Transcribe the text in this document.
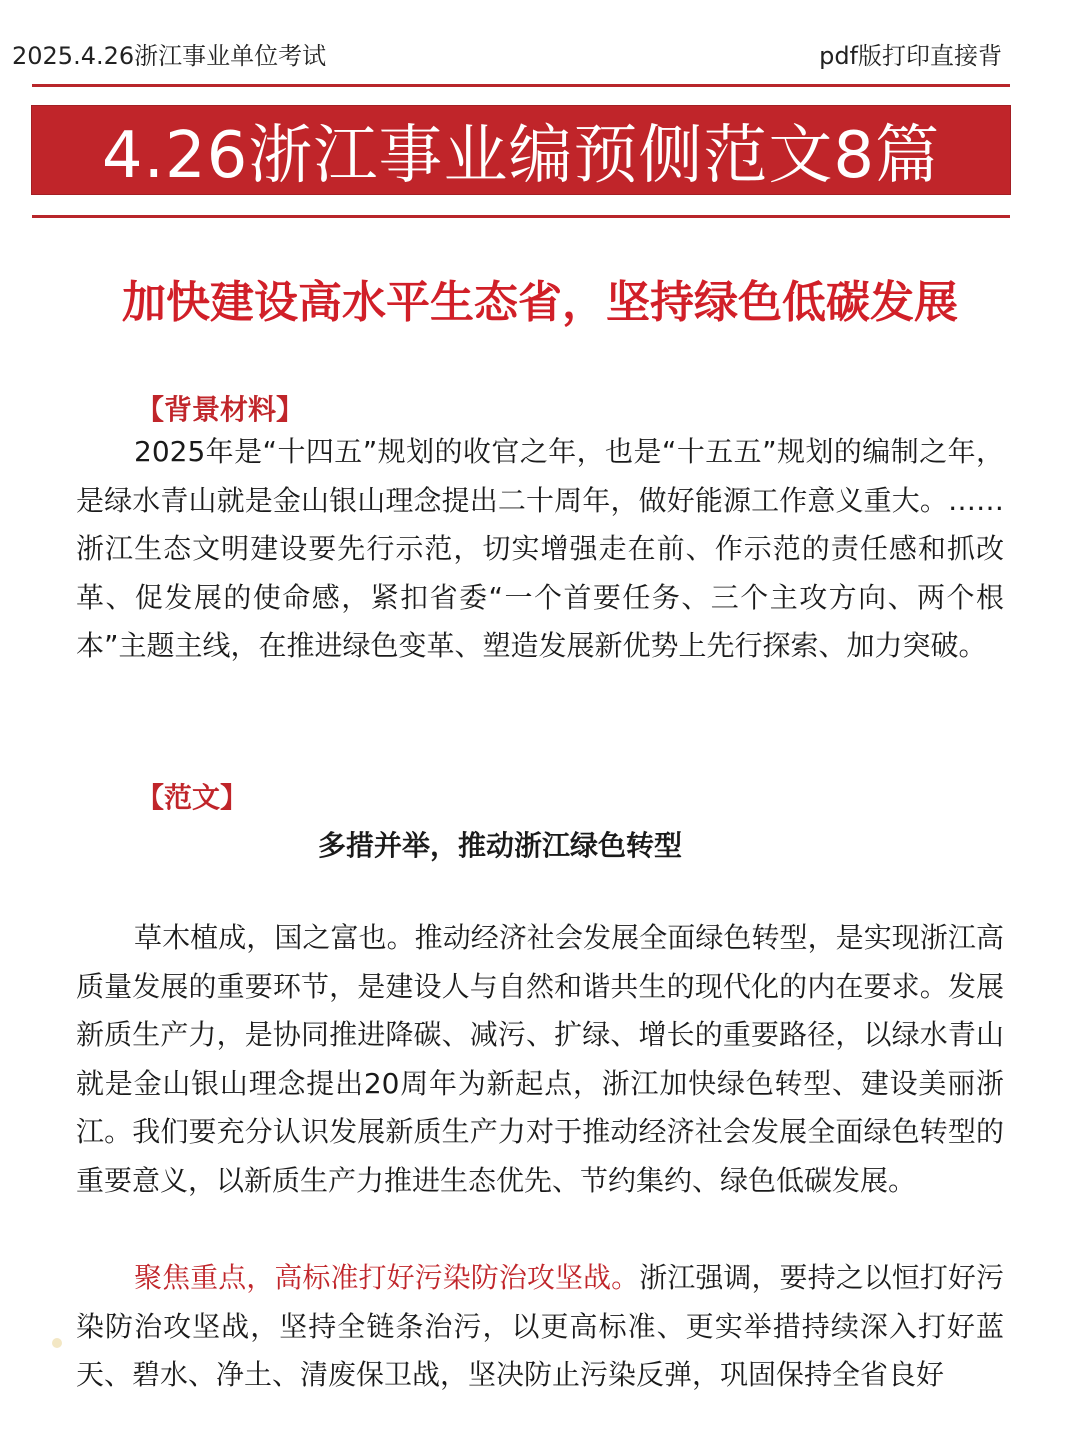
2025.4.26浙江事业单位考试	pdf版打印直接背
4.26浙江事业编预侧范文8篇
加快建设高水平生态省，坚持绿色低碳发展
【背景材料】
2025年是“十四五”规划的收官之年，也是“十五五”规划的编制之年，是绿水青山就是金山银山理念提出二十周年，做好能源工作意义重大。……浙江生态文明建设要先行示范，切实增强走在前、作示范的责任感和抓改革、促发展的使命感，紧扣省委“一个首要任务、三个主攻方向、两个根本”主题主线，在推进绿色变革、塑造发展新优势上先行探索、加力突破。
【范文】
多措并举，推动浙江绿色转型
草木植成，国之富也。推动经济社会发展全面绿色转型，是实现浙江高质量发展的重要环节，是建设人与自然和谐共生的现代化的内在要求。发展新质生产力，是协同推进降碳、减污、扩绿、增长的重要路径，以绿水青山就是金山银山理念提出20周年为新起点，浙江加快绿色转型、建设美丽浙江。我们要充分认识发展新质生产力对于推动经济社会发展全面绿色转型的重要意义，以新质生产力推进生态优先、节约集约、绿色低碳发展。
聚焦重点，高标准打好污染防治攻坚战。浙江强调，要持之以恒打好污染防治攻坚战，坚持全链条治污，以更高标准、更实举措持续深入打好蓝天、碧水、净土、清废保卫战，坚决防止污染反弹，巩固保持全省良好
